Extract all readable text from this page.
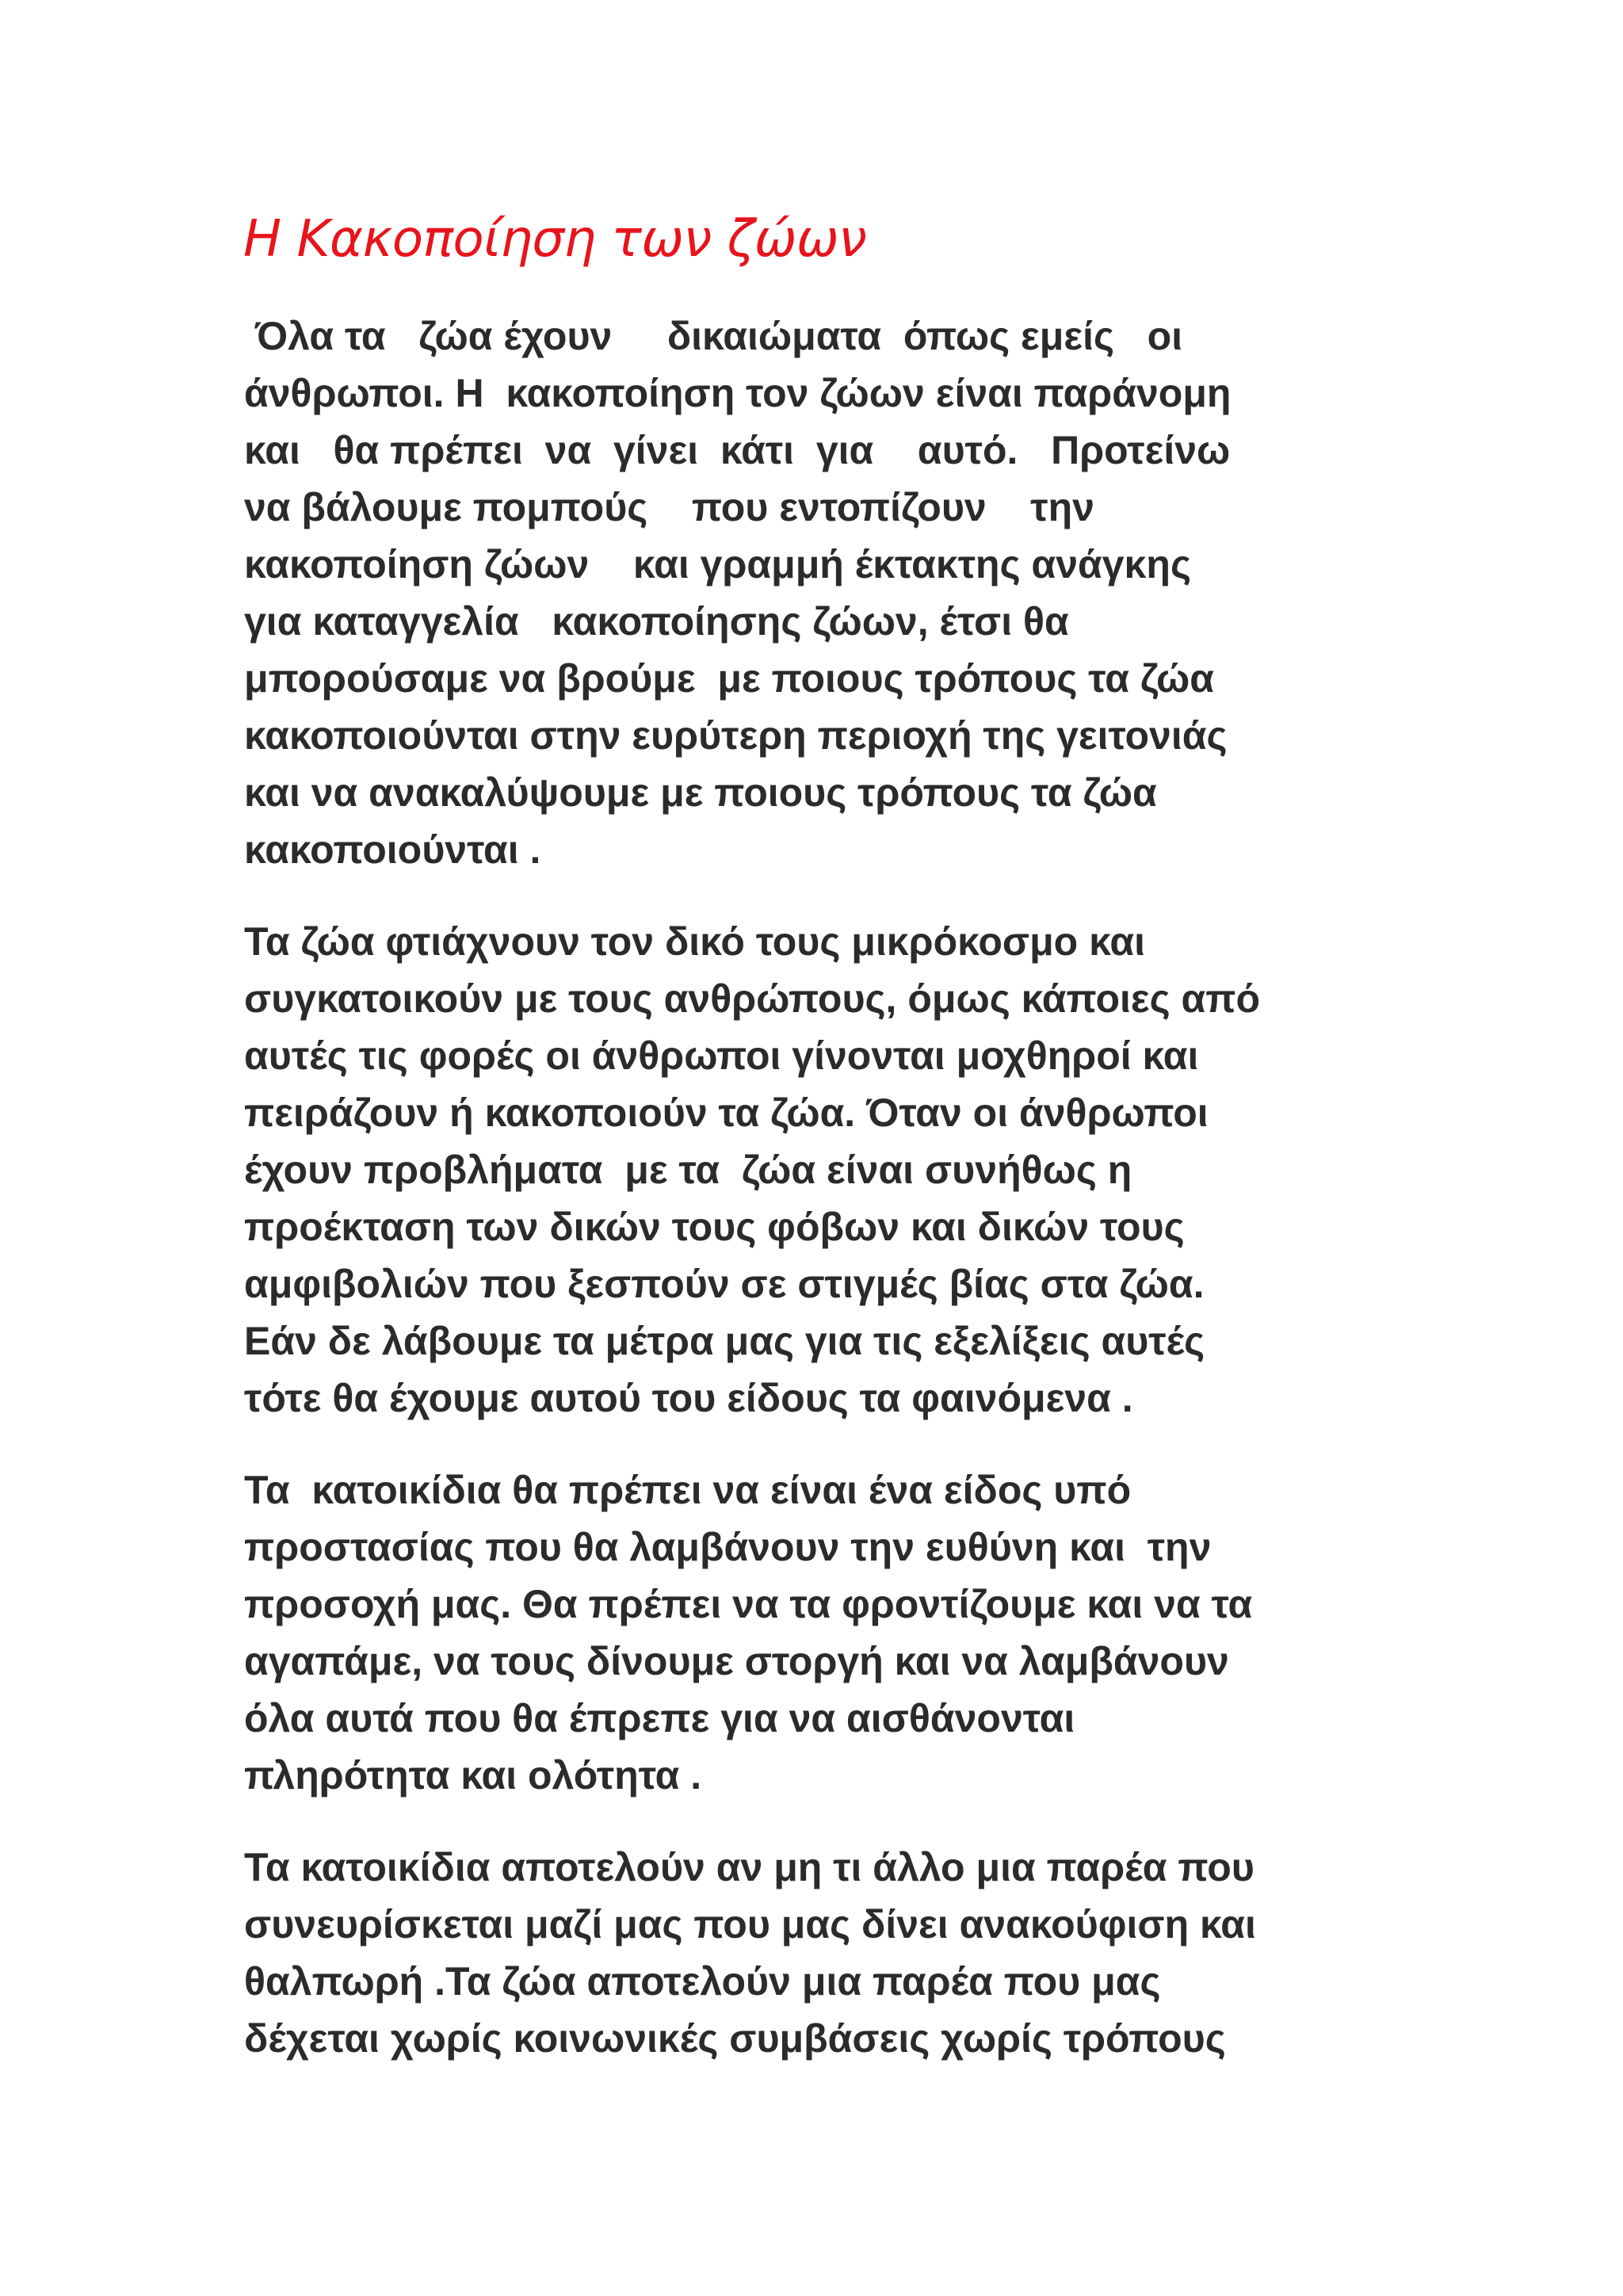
Η Κακοποίηση των ζώων

Όλα τα   ζώα έχουν     δικαιώματα  όπως εμείς   οι
άνθρωποι. Η  κακοποίηση τον ζώων είναι παράνομη
και   θα πρέπει  να  γίνει  κάτι  για    αυτό.   Προτείνω
να βάλουμε πομπούς    που εντοπίζουν    την
κακοποίηση ζώων    και γραμμή έκτακτης ανάγκης
για καταγγελία   κακοποίησης ζώων, έτσι θα
μπορούσαμε να βρούμε  με ποιους τρόπους τα ζώα
κακοποιούνται στην ευρύτερη περιοχή της γειτονιάς
και να ανακαλύψουμε με ποιους τρόπους τα ζώα
κακοποιούνται .

Τα ζώα φτιάχνουν τον δικό τους μικρόκοσμο και
συγκατοικούν με τους ανθρώπους, όμως κάποιες από
αυτές τις φορές οι άνθρωποι γίνονται μοχθηροί και
πειράζουν ή κακοποιούν τα ζώα. Όταν οι άνθρωποι
έχουν προβλήματα  με τα  ζώα είναι συνήθως η
προέκταση των δικών τους φόβων και δικών τους
αμφιβολιών που ξεσπούν σε στιγμές βίας στα ζώα.
Εάν δε λάβουμε τα μέτρα μας για τις εξελίξεις αυτές
τότε θα έχουμε αυτού του είδους τα φαινόμενα .

Τα  κατοικίδια θα πρέπει να είναι ένα είδος υπό
προστασίας που θα λαμβάνουν την ευθύνη και  την
προσοχή μας. Θα πρέπει να τα φροντίζουμε και να τα
αγαπάμε, να τους δίνουμε στοργή και να λαμβάνουν
όλα αυτά που θα έπρεπε για να αισθάνονται
πληρότητα και ολότητα .

Τα κατοικίδια αποτελούν αν μη τι άλλο μια παρέα που
συνευρίσκεται μαζί μας που μας δίνει ανακούφιση και
θαλπωρή .Τα ζώα αποτελούν μια παρέα που μας
δέχεται χωρίς κοινωνικές συμβάσεις χωρίς τρόπους
